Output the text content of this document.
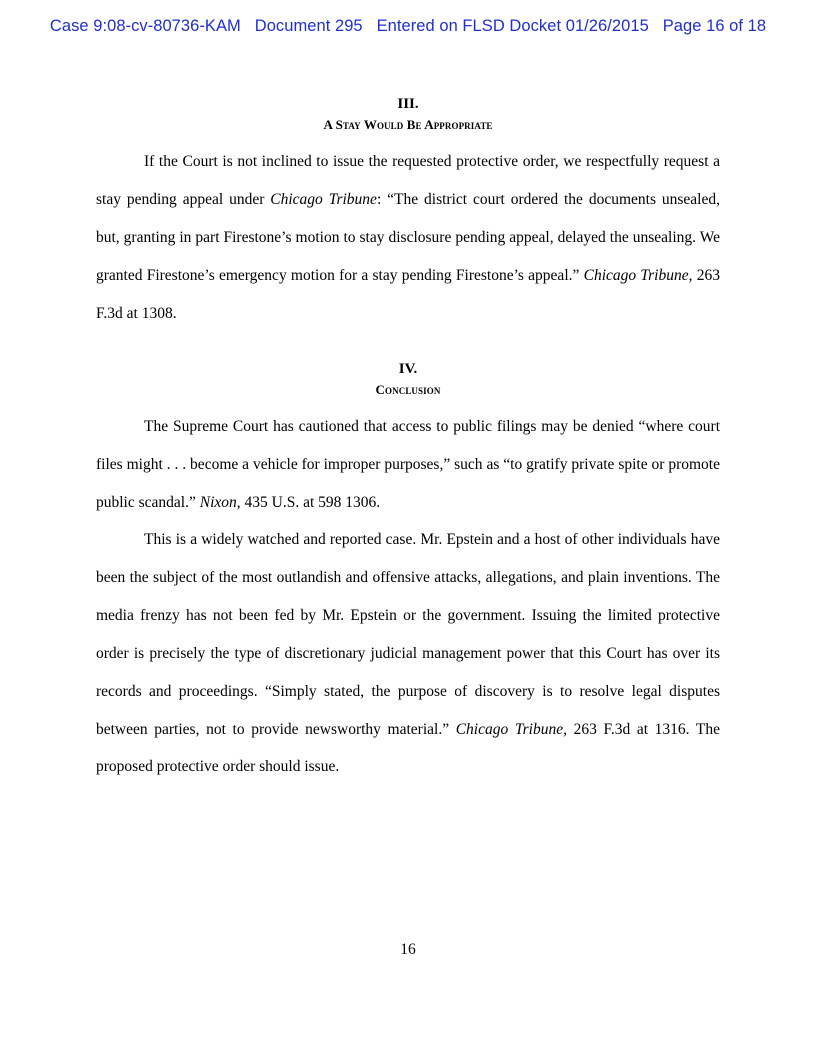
Case 9:08-cv-80736-KAM Document 295 Entered on FLSD Docket 01/26/2015 Page 16 of 18
III.
A Stay Would Be Appropriate

If the Court is not inclined to issue the requested protective order, we respectfully request a stay pending appeal under Chicago Tribune: “The district court ordered the documents unsealed, but, granting in part Firestone’s motion to stay disclosure pending appeal, delayed the unsealing. We granted Firestone’s emergency motion for a stay pending Firestone’s appeal.” Chicago Tribune, 263 F.3d at 1308.

IV.
Conclusion

The Supreme Court has cautioned that access to public filings may be denied “where court files might . . . become a vehicle for improper purposes,” such as “to gratify private spite or promote public scandal.” Nixon, 435 U.S. at 598 1306.

This is a widely watched and reported case. Mr. Epstein and a host of other individuals have been the subject of the most outlandish and offensive attacks, allegations, and plain inventions. The media frenzy has not been fed by Mr. Epstein or the government. Issuing the limited protective order is precisely the type of discretionary judicial management power that this Court has over its records and proceedings. “Simply stated, the purpose of discovery is to resolve legal disputes between parties, not to provide newsworthy material.” Chicago Tribune, 263 F.3d at 1316. The proposed protective order should issue.

16
